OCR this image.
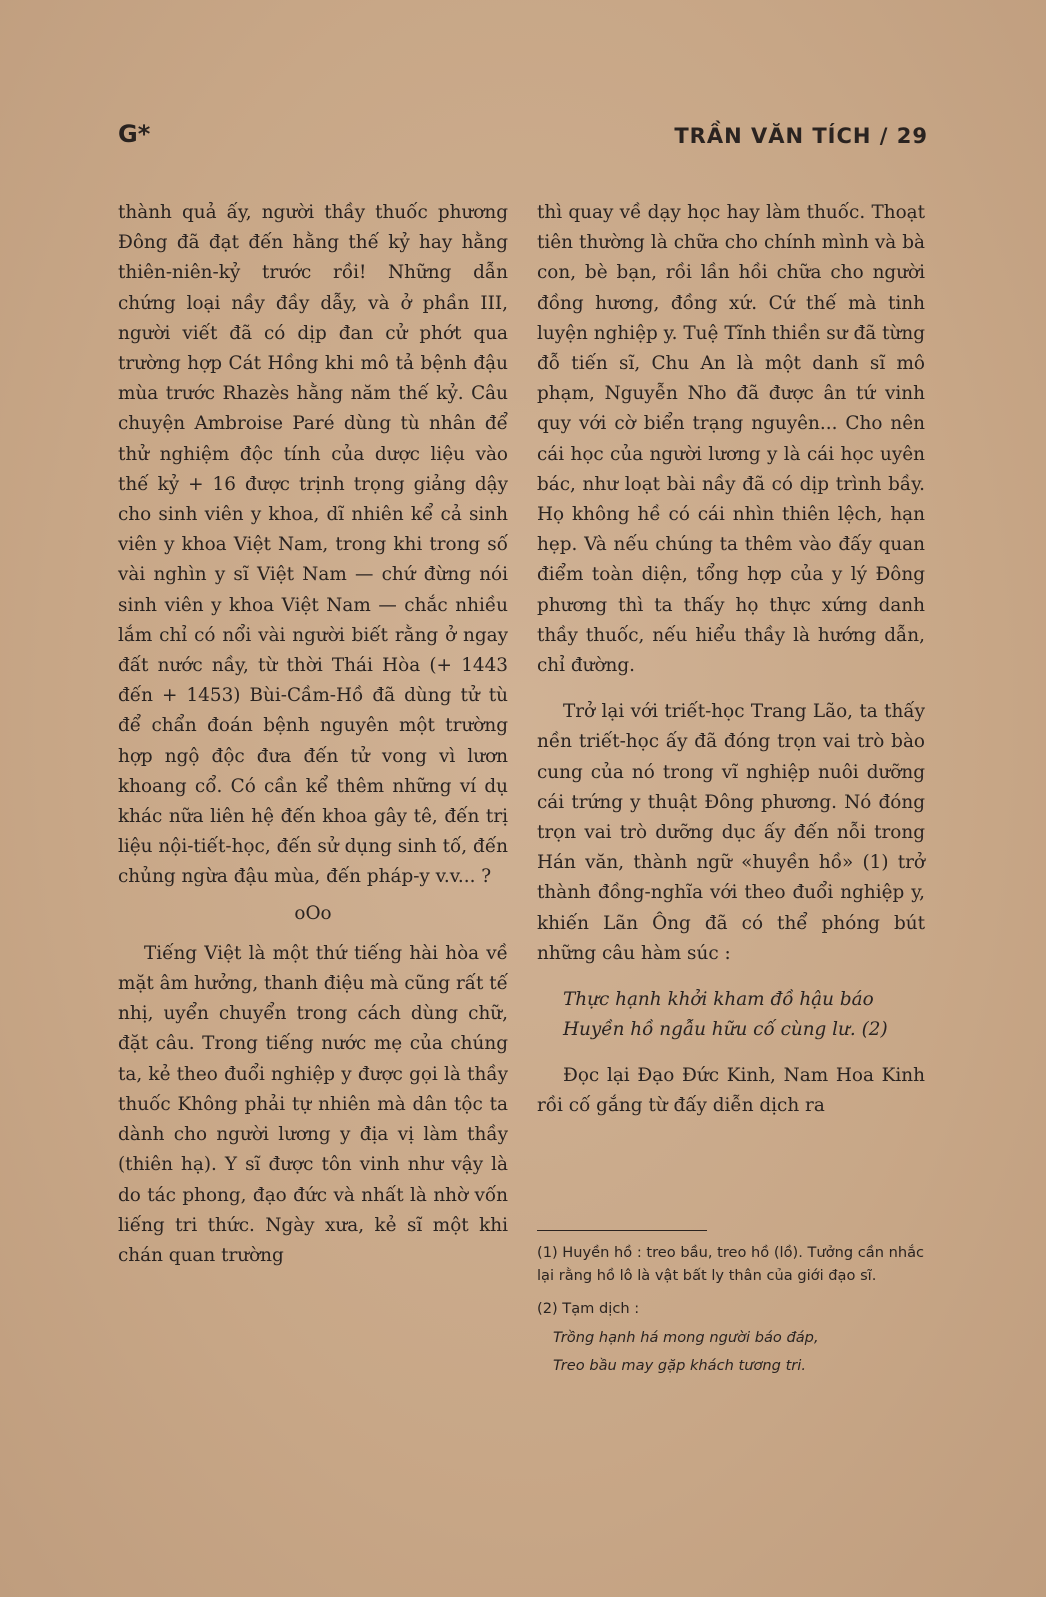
G*	TRẦN VĂN TÍCH / 29

thành quả ấy, người thầy thuốc phương Đông đã đạt đến hằng thế kỷ hay hằng thiên-niên-kỷ trước rồi! Những dẫn chứng loại nầy đầy dẫy, và ở phần III, người viết đã có dịp đan cử phớt qua trường hợp Cát Hồng khi mô tả bệnh đậu mùa trước Rhazès hằng năm thế kỷ. Câu chuyện Ambroise Paré dùng tù nhân để thử nghiệm độc tính của dược liệu vào thế kỷ + 16 được trịnh trọng giảng dậy cho sinh viên y khoa, dĩ nhiên kể cả sinh viên y khoa Việt Nam, trong khi trong số vài nghìn y sĩ Việt Nam — chứ đừng nói sinh viên y khoa Việt Nam — chắc nhiều lắm chỉ có nổi vài người biết rằng ở ngay đất nước nầy, từ thời Thái Hòa (+ 1443 đến + 1453) Bùi-Cầm-Hồ đã dùng tử tù để chẩn đoán bệnh nguyên một trường hợp ngộ độc đưa đến tử vong vì lươn khoang cổ. Có cần kể thêm những ví dụ khác nữa liên hệ đến khoa gây tê, đến trị liệu nội-tiết-học, đến sử dụng sinh tố, đến chủng ngừa đậu mùa, đến pháp-y v.v... ?

oOo

Tiếng Việt là một thứ tiếng hài hòa về mặt âm hưởng, thanh điệu mà cũng rất tế nhị, uyển chuyển trong cách dùng chữ, đặt câu. Trong tiếng nước mẹ của chúng ta, kẻ theo đuổi nghiệp y được gọi là thầy thuốc Không phải tự nhiên mà dân tộc ta dành cho người lương y địa vị làm thầy (thiên hạ). Y sĩ được tôn vinh như vậy là do tác phong, đạo đức và nhất là nhờ vốn liếng tri thức. Ngày xưa, kẻ sĩ một khi chán quan trường

thì quay về dạy học hay làm thuốc. Thoạt tiên thường là chữa cho chính mình và bà con, bè bạn, rồi lần hồi chữa cho người đồng hương, đồng xứ. Cứ thế mà tinh luyện nghiệp y. Tuệ Tĩnh thiền sư đã từng đỗ tiến sĩ, Chu An là một danh sĩ mô phạm, Nguyễn Nho đã được ân tứ vinh quy với cờ biển trạng nguyên... Cho nên cái học của người lương y là cái học uyên bác, như loạt bài nầy đã có dịp trình bầy. Họ không hề có cái nhìn thiên lệch, hạn hẹp. Và nếu chúng ta thêm vào đấy quan điểm toàn diện, tổng hợp của y lý Đông phương thì ta thấy họ thực xứng danh thầy thuốc, nếu hiểu thầy là hướng dẫn, chỉ đường.

Trở lại với triết-học Trang Lão, ta thấy nền triết-học ấy đã đóng trọn vai trò bào cung của nó trong vĩ nghiệp nuôi dưỡng cái trứng y thuật Đông phương. Nó đóng trọn vai trò dưỡng dục ấy đến nỗi trong Hán văn, thành ngữ «huyền hồ» (1) trở thành đồng-nghĩa với theo đuổi nghiệp y, khiến Lãn Ông đã có thể phóng bút những câu hàm súc :

Thực hạnh khởi kham đồ hậu báo
Huyền hồ ngẫu hữu cố cùng lư. (2)

Đọc lại Đạo Đức Kinh, Nam Hoa Kinh rồi cố gắng từ đấy diễn dịch ra

(1) Huyền hồ : treo bầu, treo hồ (lồ). Tưởng cần nhắc lại rằng hồ lô là vật bất ly thân của giới đạo sĩ.

(2) Tạm dịch :

Trồng hạnh há mong người báo đáp,
Treo bầu may gặp khách tương tri.
